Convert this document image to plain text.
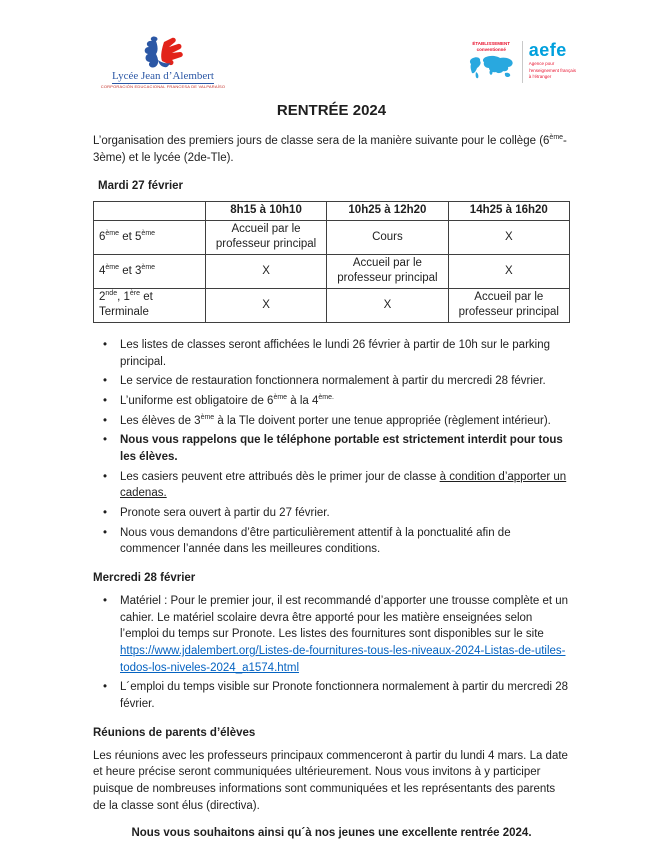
Lycée Jean d’Alembert
CORPORACIÓN EDUCACIONAL FRANCESA DE VALPARAÍSO
ÉTABLISSEMENT
conventionné	aefe
Agence pour
l’enseignement français
à l’étranger
RENTRÉE 2024

L’organisation des premiers jours de classe sera de la manière suivante pour le collège (6ème-3ème) et le lycée (2de-Tle).

Mardi 27 février
	8h15 à 10h10	10h25 à 12h20	14h25 à 16h20
6ème et 5ème	Accueil par le professeur principal	Cours	X
4ème et 3ème	X	Accueil par le professeur principal	X
2nde, 1ère et Terminale	X	X	Accueil par le professeur principal
•	Les listes de classes seront affichées le lundi 26 février à partir de 10h sur le parking principal.
•	Le service de restauration fonctionnera normalement à partir du mercredi 28 février.
•	L’uniforme est obligatoire de 6ème à la $4^{ème.}$
•	Les élèves de 3ème à la Tle doivent porter une tenue appropriée (règlement intérieur).
•	Nous vous rappelons que le téléphone portable est strictement interdit pour tous les élèves.
•	Les casiers peuvent etre attribués dès le primer jour de classe à condition d’apporter un cadenas.
•	Pronote sera ouvert à partir du 27 février.
•	Nous vous demandons d’être particulièrement attentif à la ponctualité afin de commencer l’année dans les meilleures conditions.
Mercredi 28 février
•	Matériel : Pour le premier jour, il est recommandé d’apporter une trousse complète et un cahier. Le matériel scolaire devra être apporté pour les matière enseignées selon l’emploi du temps sur Pronote. Les listes des fournitures sont disponibles sur le site https://www.jdalembert.org/Listes-de-fournitures-tous-les-niveaux-2024-Listas-de-utiles-todos-los-niveles-2024_a1574.html
•	L´emploi du temps visible sur Pronote fonctionnera normalement à partir du mercredi 28 février.
Réunions de parents d’élèves

Les réunions avec les professeurs principaux commenceront à partir du lundi 4 mars. La date et heure précise seront communiquées ultérieurement. Nous vous invitons à y participer puisque de nombreuses informations sont communiquées et les représentants des parents de la classe sont élus (directiva).

Nous vous souhaitons ainsi qu´à nos jeunes une excellente rentrée 2024.
